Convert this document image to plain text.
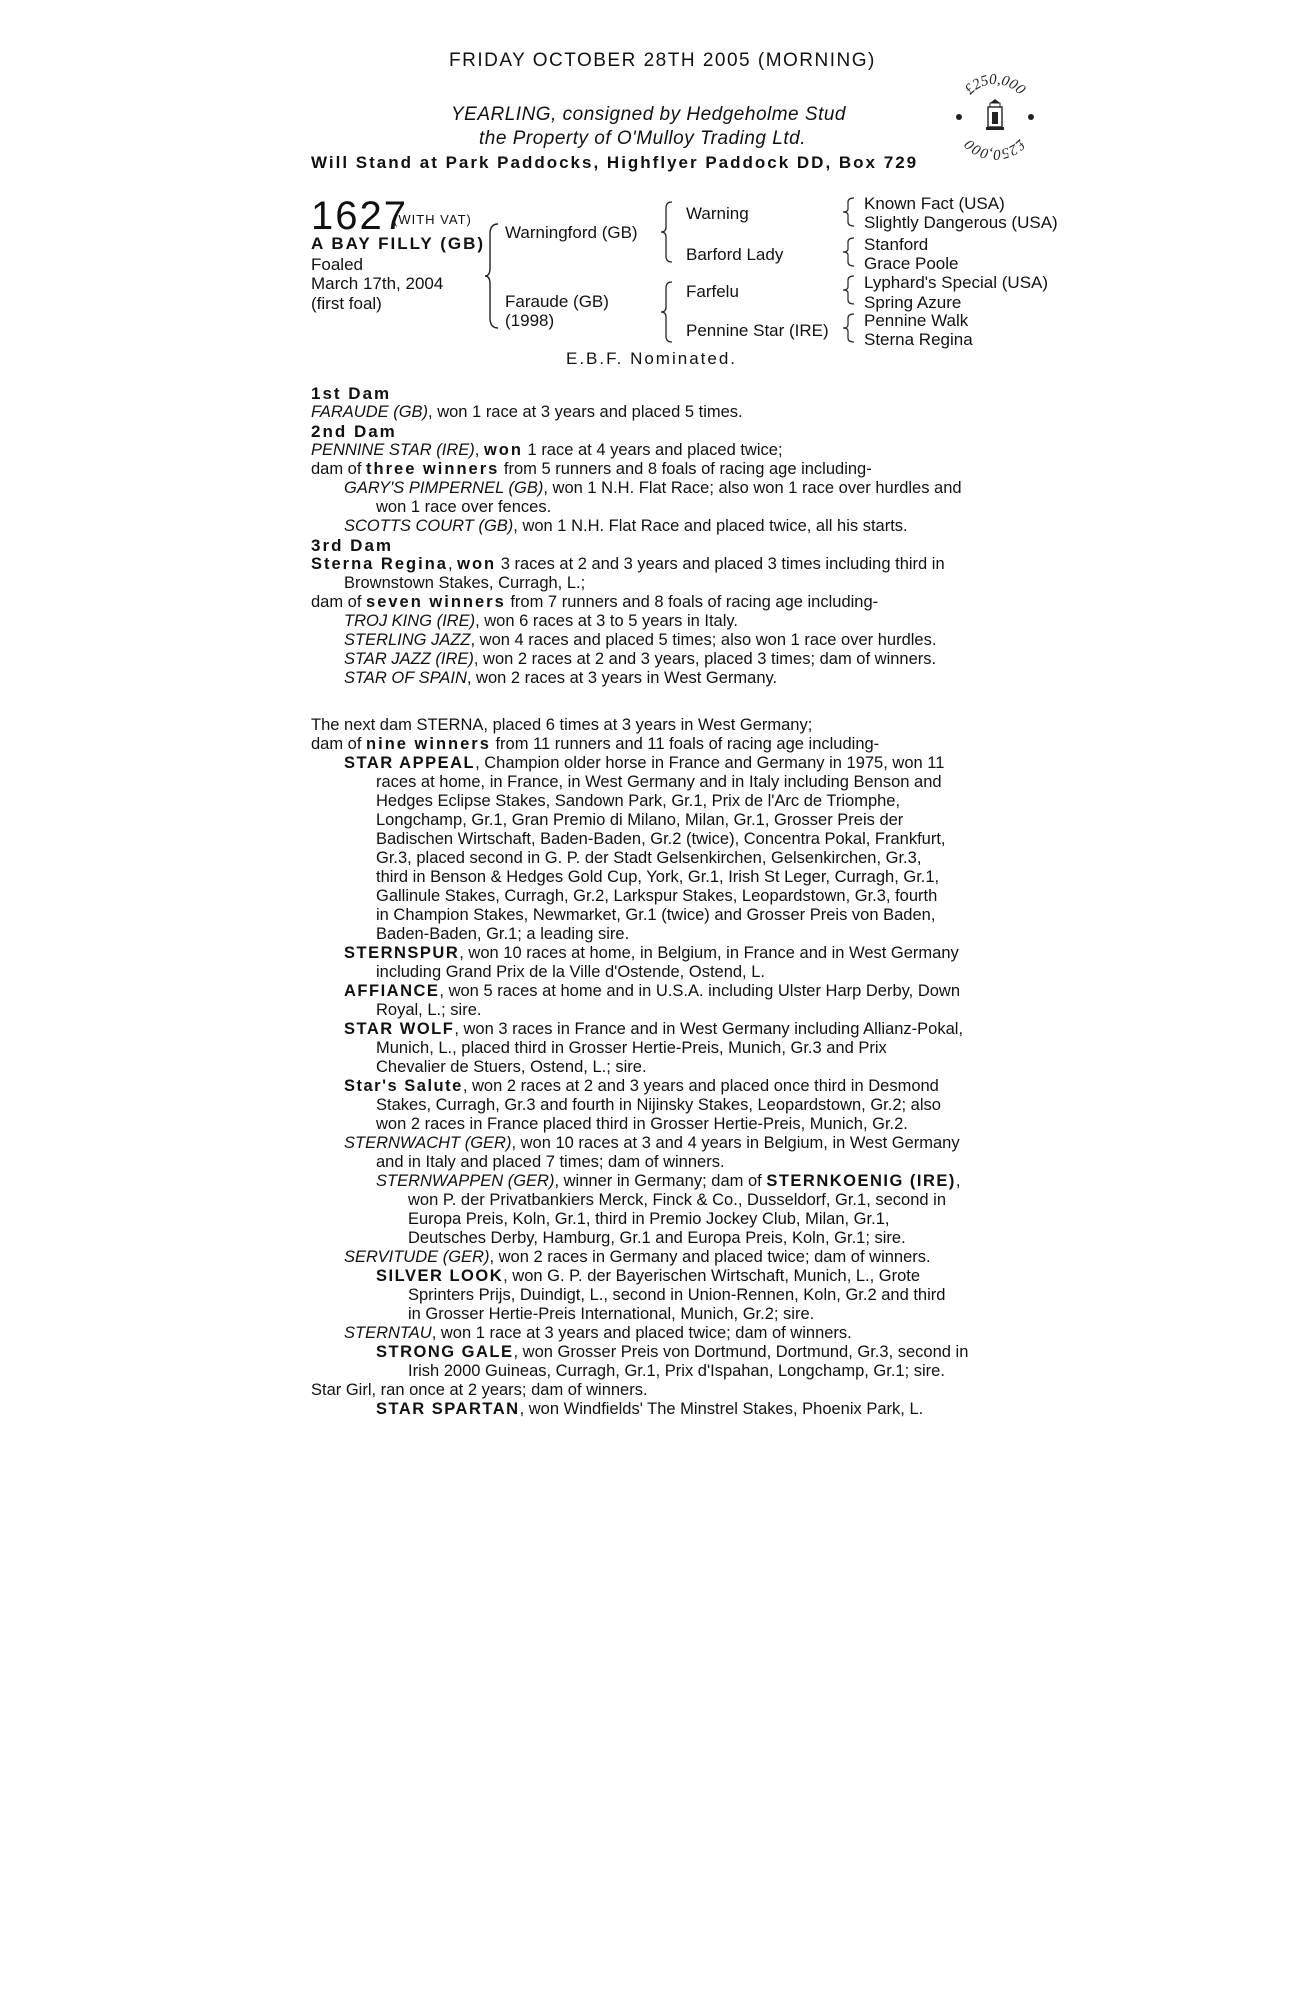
FRIDAY OCTOBER 28TH 2005 (MORNING)
YEARLING, consigned by Hedgeholme Stud
the Property of O'Mulloy Trading Ltd.
Will Stand at Park Paddocks, Highflyer Paddock DD, Box 729
£250,000
£250,000
1627
(WITH VAT)
A BAY FILLY (GB)
Foaled
March 17th, 2004
(first foal)
Warningford (GB)
Faraude (GB)
(1998)
Warning
Barford Lady
Farfelu
Pennine Star (IRE)
Known Fact (USA)
Slightly Dangerous (USA)
Stanford
Grace Poole
Lyphard's Special (USA)
Spring Azure
Pennine Walk
Sterna Regina
E.B.F. Nominated.

1st Dam

FARAUDE (GB), won 1 race at 3 years and placed 5 times.

2nd Dam

PENNINE STAR (IRE), won 1 race at 4 years and placed twice;

dam of three winners from 5 runners and 8 foals of racing age including-

GARY'S PIMPERNEL (GB), won 1 N.H. Flat Race; also won 1 race over hurdles and

won 1 race over fences.

SCOTTS COURT (GB), won 1 N.H. Flat Race and placed twice, all his starts.

3rd Dam

Sterna Regina, won 3 races at 2 and 3 years and placed 3 times including third in

Brownstown Stakes, Curragh, L.;

dam of seven winners from 7 runners and 8 foals of racing age including-

TROJ KING (IRE), won 6 races at 3 to 5 years in Italy.

STERLING JAZZ, won 4 races and placed 5 times; also won 1 race over hurdles.

STAR JAZZ (IRE), won 2 races at 2 and 3 years, placed 3 times; dam of winners.

STAR OF SPAIN, won 2 races at 3 years in West Germany.

The next dam STERNA, placed 6 times at 3 years in West Germany;

dam of nine winners from 11 runners and 11 foals of racing age including-

STAR APPEAL, Champion older horse in France and Germany in 1975, won 11

races at home, in France, in West Germany and in Italy including Benson and

Hedges Eclipse Stakes, Sandown Park, Gr.1, Prix de l'Arc de Triomphe,

Longchamp, Gr.1, Gran Premio di Milano, Milan, Gr.1, Grosser Preis der

Badischen Wirtschaft, Baden-Baden, Gr.2 (twice), Concentra Pokal, Frankfurt,

Gr.3, placed second in G. P. der Stadt Gelsenkirchen, Gelsenkirchen, Gr.3,

third in Benson & Hedges Gold Cup, York, Gr.1, Irish St Leger, Curragh, Gr.1,

Gallinule Stakes, Curragh, Gr.2, Larkspur Stakes, Leopardstown, Gr.3, fourth

in Champion Stakes, Newmarket, Gr.1 (twice) and Grosser Preis von Baden,

Baden-Baden, Gr.1; a leading sire.

STERNSPUR, won 10 races at home, in Belgium, in France and in West Germany

including Grand Prix de la Ville d'Ostende, Ostend, L.

AFFIANCE, won 5 races at home and in U.S.A. including Ulster Harp Derby, Down

Royal, L.; sire.

STAR WOLF, won 3 races in France and in West Germany including Allianz-Pokal,

Munich, L., placed third in Grosser Hertie-Preis, Munich, Gr.3 and Prix

Chevalier de Stuers, Ostend, L.; sire.

Star's Salute, won 2 races at 2 and 3 years and placed once third in Desmond

Stakes, Curragh, Gr.3 and fourth in Nijinsky Stakes, Leopardstown, Gr.2; also

won 2 races in France placed third in Grosser Hertie-Preis, Munich, Gr.2.

STERNWACHT (GER), won 10 races at 3 and 4 years in Belgium, in West Germany

and in Italy and placed 7 times; dam of winners.

STERNWAPPEN (GER), winner in Germany; dam of STERNKOENIG (IRE),

won P. der Privatbankiers Merck, Finck & Co., Dusseldorf, Gr.1, second in

Europa Preis, Koln, Gr.1, third in Premio Jockey Club, Milan, Gr.1,

Deutsches Derby, Hamburg, Gr.1 and Europa Preis, Koln, Gr.1; sire.

SERVITUDE (GER), won 2 races in Germany and placed twice; dam of winners.

SILVER LOOK, won G. P. der Bayerischen Wirtschaft, Munich, L., Grote

Sprinters Prijs, Duindigt, L., second in Union-Rennen, Koln, Gr.2 and third

in Grosser Hertie-Preis International, Munich, Gr.2; sire.

STERNTAU, won 1 race at 3 years and placed twice; dam of winners.

STRONG GALE, won Grosser Preis von Dortmund, Dortmund, Gr.3, second in

Irish 2000 Guineas, Curragh, Gr.1, Prix d'Ispahan, Longchamp, Gr.1; sire.

Star Girl, ran once at 2 years; dam of winners.

STAR SPARTAN, won Windfields' The Minstrel Stakes, Phoenix Park, L.
